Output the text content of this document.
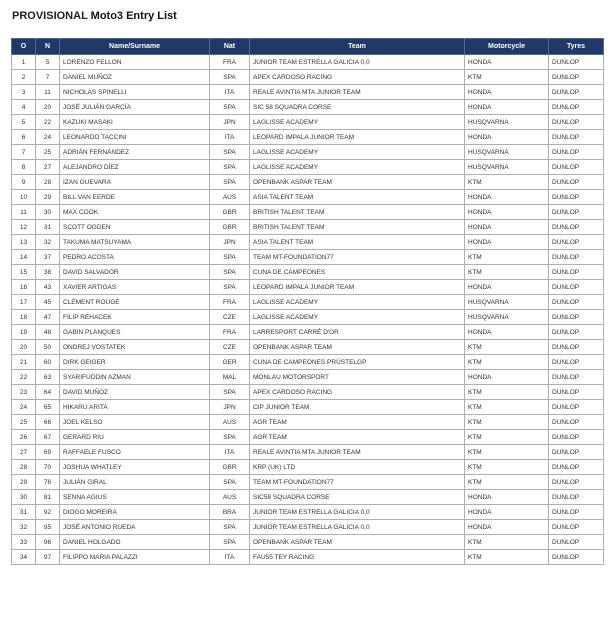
PROVISIONAL Moto3 Entry List
O	N	Name/Surname	Nat	Team	Motorcycle	Tyres
1	5	LORENZO FELLON	FRA	JUNIOR TEAM ESTRELLA GALICIA 0,0	HONDA	DUNLOP
2	7	DANIEL MUÑOZ	SPA	APEX CARDOSO RACING	KTM	DUNLOP
3	11	NICHOLAS SPINELLI	ITA	REALE AVINTIA MTA JUNIOR TEAM	HONDA	DUNLOP
4	20	JOSÉ JULIÁN GARCÍA	SPA	SIC 58 SQUADRA CORSE	HONDA	DUNLOP
5	22	KAZUKI MASAKI	JPN	LAGLISSE ACADEMY	HUSQVARNA	DUNLOP
6	24	LEONARDO TACCINI	ITA	LEOPARD IMPALA JUNIOR TEAM	HONDA	DUNLOP
7	25	ADRIÁN FERNÁNDEZ	SPA	LAGLISSE ACADEMY	HUSQVARNA	DUNLOP
8	27	ALEJANDRO DÍEZ	SPA	LAGLISSE ACADEMY	HUSQVARNA	DUNLOP
9	28	IZAN GUEVARA	SPA	OPENBANK ASPAR TEAM	KTM	DUNLOP
10	29	BILL VAN EERDE	AUS	ASIA TALENT TEAM	HONDA	DUNLOP
11	30	MAX COOK	GBR	BRITISH TALENT TEAM	HONDA	DUNLOP
12	31	SCOTT OGDEN	GBR	BRITISH TALENT TEAM	HONDA	DUNLOP
13	32	TAKUMA MATSUYAMA	JPN	ASIA TALENT TEAM	HONDA	DUNLOP
14	37	PEDRO ACOSTA	SPA	TEAM MT-FOUNDATION77	KTM	DUNLOP
15	38	DAVID SALVADOR	SPA	CUNA DE CAMPEONES	KTM	DUNLOP
16	43	XAVIER ARTIGAS	SPA	LEOPARD IMPALA JUNIOR TEAM	HONDA	DUNLOP
17	45	CLÉMENT ROUGÉ	FRA	LAGLISSE ACADEMY	HUSQVARNA	DUNLOP
18	47	FILIP REHACEK	CZE	LAGLISSE ACADEMY	HUSQVARNA	DUNLOP
19	48	GABIN PLANQUES	FRA	LARRESPORT CARRÉ D'OR	HONDA	DUNLOP
20	50	ONDREJ VOSTATEK	CZE	OPENBANK ASPAR TEAM	KTM	DUNLOP
21	60	DIRK GEIGER	GER	CUNA DE CAMPEONES PRÜSTELGP	KTM	DUNLOP
22	63	SYARIFUDDIN AZMAN	MAL	MONLAU MOTORSPORT	HONDA	DUNLOP
23	64	DAVID MUÑOZ	SPA	APEX CARDOSO RACING	KTM	DUNLOP
24	65	HIKARU ARITA	JPN	CIP JUNIOR TEAM	KTM	DUNLOP
25	66	JOEL KELSO	AUS	AGR TEAM	KTM	DUNLOP
26	67	GERARD RIU	SPA	AGR TEAM	KTM	DUNLOP
27	69	RAFFAELE FUSCO	ITA	REALE AVINTIA MTA JUNIOR TEAM	KTM	DUNLOP
28	70	JOSHUA WHATLEY	GBR	KRP (UK) LTD	KTM	DUNLOP
29	76	JULIÁN GIRAL	SPA	TEAM MT-FOUNDATION77	KTM	DUNLOP
30	81	SENNA AGIUS	AUS	SIC58 SQUADRA CORSE	HONDA	DUNLOP
31	92	DIOGO MOREIRA	BRA	JUNIOR TEAM ESTRELLA GALICIA 0,0	HONDA	DUNLOP
32	95	JOSÉ ANTONIO RUEDA	SPA	JUNIOR TEAM ESTRELLA GALICIA 0,0	HONDA	DUNLOP
33	96	DANIEL HOLGADO	SPA	OPENBANK ASPAR TEAM	KTM	DUNLOP
34	97	FILIPPO MARIA PALAZZI	ITA	FAU55 TEY RACING	KTM	DUNLOP
